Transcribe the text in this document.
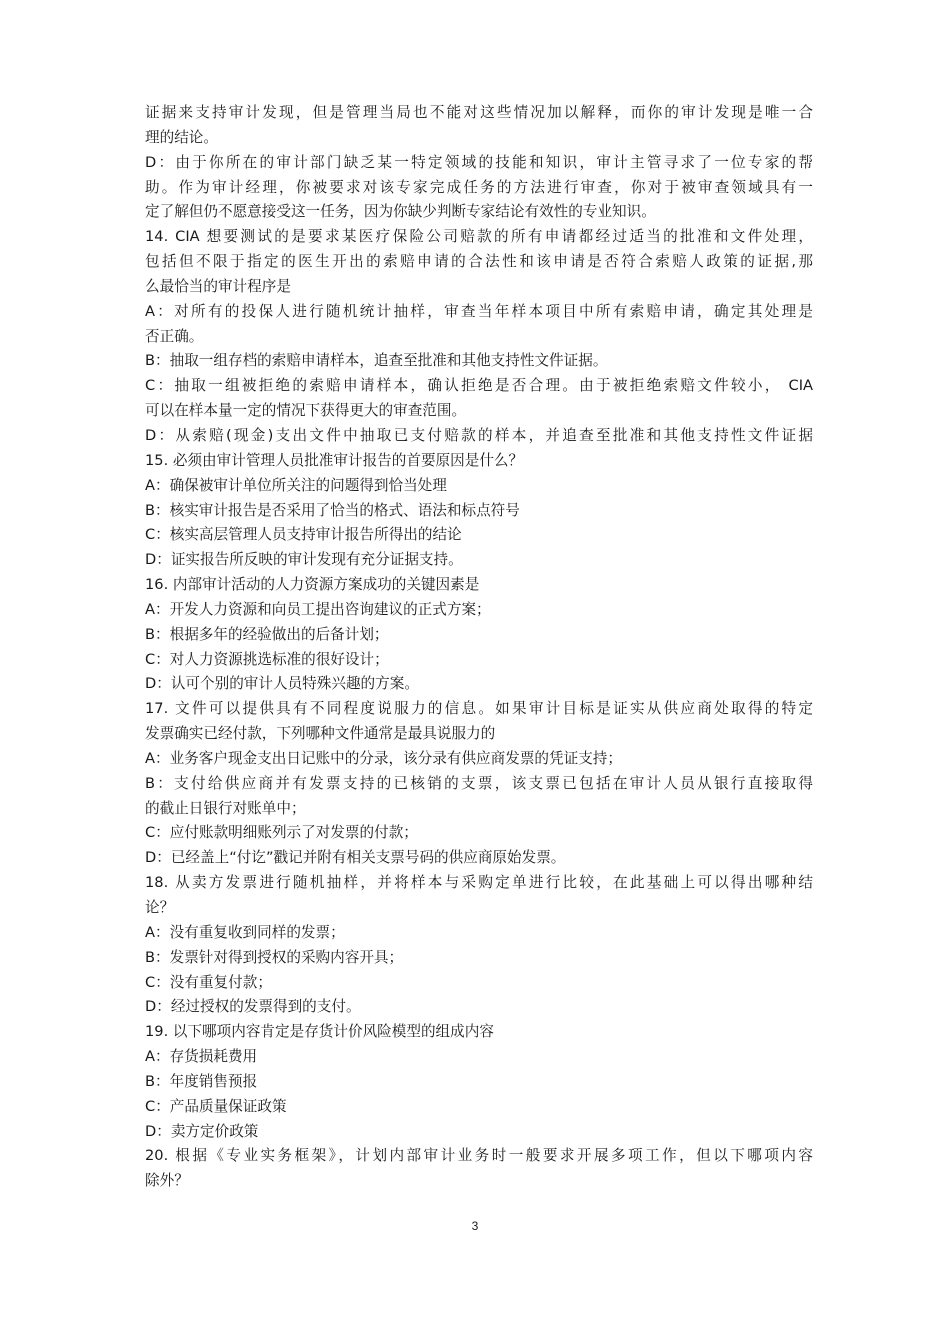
证据来支持审计发现，但是管理当局也不能对这些情况加以解释，而你的审计发现是唯一合
理的结论。
D：由于你所在的审计部门缺乏某一特定领域的技能和知识，审计主管寻求了一位专家的帮
助。作为审计经理，你被要求对该专家完成任务的方法进行审查，你对于被审查领域具有一
定了解但仍不愿意接受这一任务，因为你缺少判断专家结论有效性的专业知识。
14. CIA 想要测试的是要求某医疗保险公司赔款的所有申请都经过适当的批准和文件处理，
包括但不限于指定的医生开出的索赔申请的合法性和该申请是否符合索赔人政策的证据,那
么最恰当的审计程序是
A：对所有的投保人进行随机统计抽样，审查当年样本项目中所有索赔申请，确定其处理是
否正确。
B：抽取一组存档的索赔申请样本，追查至批准和其他支持性文件证据。
C：抽取一组被拒绝的索赔申请样本，确认拒绝是否合理。由于被拒绝索赔文件较小， CIA
可以在样本量一定的情况下获得更大的审查范围。
D：从索赔(现金)支出文件中抽取已支付赔款的样本，并追查至批准和其他支持性文件证据
15. 必须由审计管理人员批准审计报告的首要原因是什么？
A：确保被审计单位所关注的问题得到恰当处理
B：核实审计报告是否采用了恰当的格式、语法和标点符号
C：核实高层管理人员支持审计报告所得出的结论
D：证实报告所反映的审计发现有充分证据支持。
16. 内部审计活动的人力资源方案成功的关键因素是
A：开发人力资源和向员工提出咨询建议的正式方案；
B：根据多年的经验做出的后备计划；
C：对人力资源挑选标准的很好设计；
D：认可个别的审计人员特殊兴趣的方案。
17. 文件可以提供具有不同程度说服力的信息。如果审计目标是证实从供应商处取得的特定
发票确实已经付款，下列哪种文件通常是最具说服力的
A：业务客户现金支出日记账中的分录，该分录有供应商发票的凭证支持；
B：支付给供应商并有发票支持的已核销的支票，该支票已包括在审计人员从银行直接取得
的截止日银行对账单中；
C：应付账款明细账列示了对发票的付款；
D：已经盖上“付讫”戳记并附有相关支票号码的供应商原始发票。
18. 从卖方发票进行随机抽样，并将样本与采购定单进行比较，在此基础上可以得出哪种结
论？
A：没有重复收到同样的发票；
B：发票针对得到授权的采购内容开具；
C：没有重复付款；
D：经过授权的发票得到的支付。
19. 以下哪项内容肯定是存货计价风险模型的组成内容
A：存货损耗费用
B：年度销售预报
C：产品质量保证政策
D：卖方定价政策
20. 根据《专业实务框架》，计划内部审计业务时一般要求开展多项工作，但以下哪项内容
除外？
3
